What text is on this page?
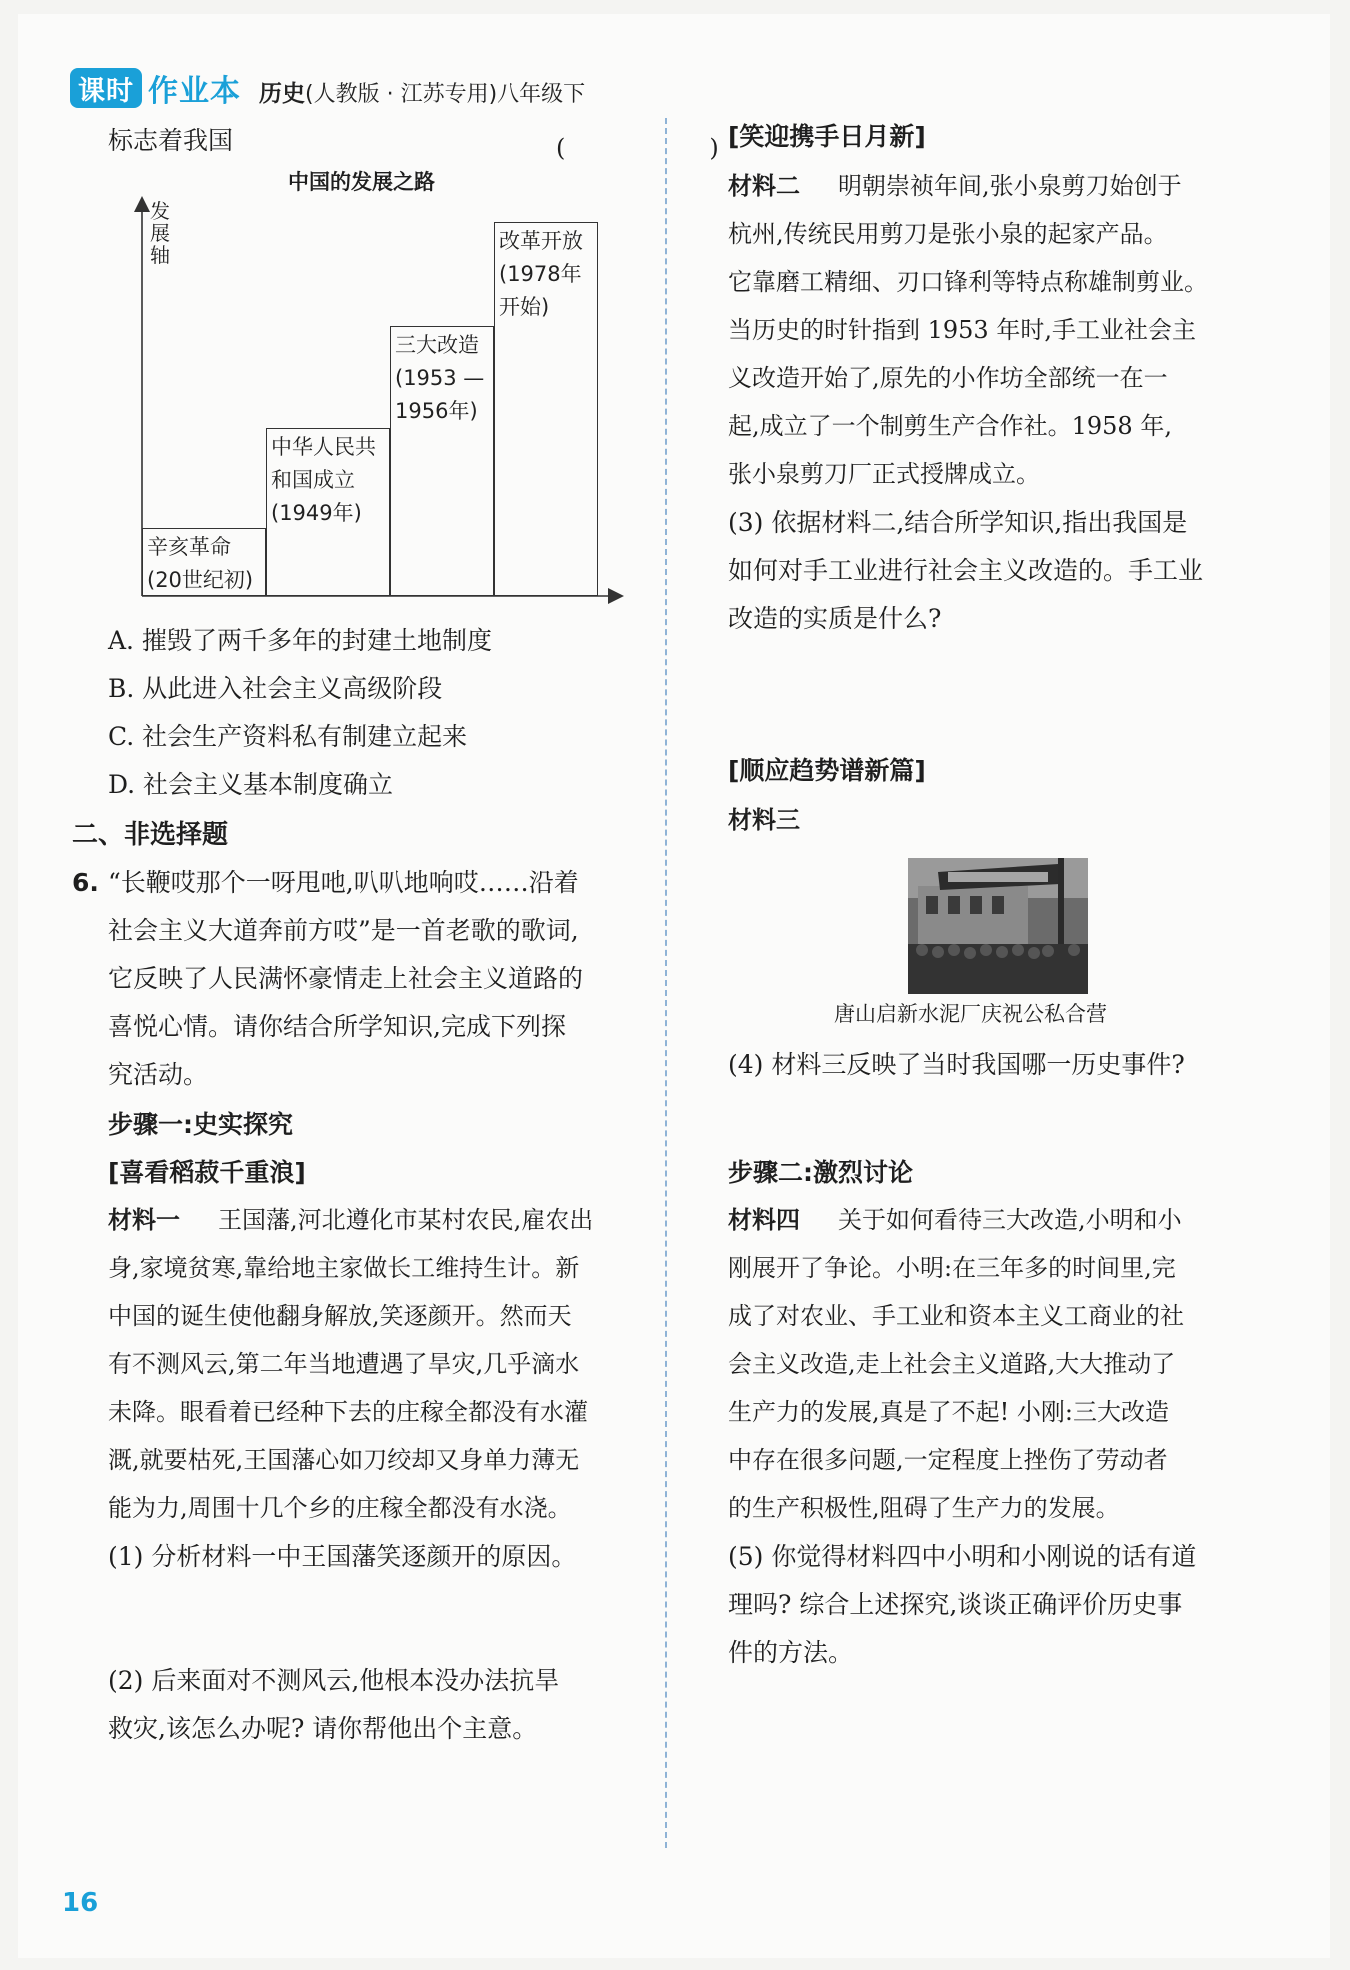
课时 作业本 历史(人教版 · 江苏专用)八年级下
标志着我国	(　　)
中国的发展之路
发
展
轴
辛亥革命
(20世纪初)
中华人民共
和国成立
(1949年)
三大改造
(1953 —
1956年)
改革开放
(1978年
开始)
A. 摧毁了两千多年的封建土地制度
B. 从此进入社会主义高级阶段
C. 社会生产资料私有制建立起来
D. 社会主义基本制度确立
二、非选择题
6. “长鞭哎那个一呀甩吔,叭叭地响哎……沿着
社会主义大道奔前方哎”是一首老歌的歌词,
它反映了人民满怀豪情走上社会主义道路的
喜悦心情。请你结合所学知识,完成下列探
究活动。
步骤一:史实探究
[喜看稻菽千重浪]
材料一 王国藩,河北遵化市某村农民,雇农出
身,家境贫寒,靠给地主家做长工维持生计。新
中国的诞生使他翻身解放,笑逐颜开。然而天
有不测风云,第二年当地遭遇了旱灾,几乎滴水
未降。眼看着已经种下去的庄稼全都没有水灌
溉,就要枯死,王国藩心如刀绞却又身单力薄无
能为力,周围十几个乡的庄稼全都没有水浇。
(1) 分析材料一中王国藩笑逐颜开的原因。
(2) 后来面对不测风云,他根本没办法抗旱
救灾,该怎么办呢? 请你帮他出个主意。
[笑迎携手日月新]
材料二 明朝崇祯年间,张小泉剪刀始创于
杭州,传统民用剪刀是张小泉的起家产品。
它靠磨工精细、刃口锋利等特点称雄制剪业。
当历史的时针指到 1953 年时,手工业社会主
义改造开始了,原先的小作坊全部统一在一
起,成立了一个制剪生产合作社。1958 年,
张小泉剪刀厂正式授牌成立。
(3) 依据材料二,结合所学知识,指出我国是
如何对手工业进行社会主义改造的。手工业
改造的实质是什么?
[顺应趋势谱新篇]
材料三
唐山启新水泥厂庆祝公私合营
(4) 材料三反映了当时我国哪一历史事件?
步骤二:激烈讨论
材料四 关于如何看待三大改造,小明和小
刚展开了争论。小明:在三年多的时间里,完
成了对农业、手工业和资本主义工商业的社
会主义改造,走上社会主义道路,大大推动了
生产力的发展,真是了不起! 小刚:三大改造
中存在很多问题,一定程度上挫伤了劳动者
的生产积极性,阻碍了生产力的发展。
(5) 你觉得材料四中小明和小刚说的话有道
理吗? 综合上述探究,谈谈正确评价历史事
件的方法。
16
